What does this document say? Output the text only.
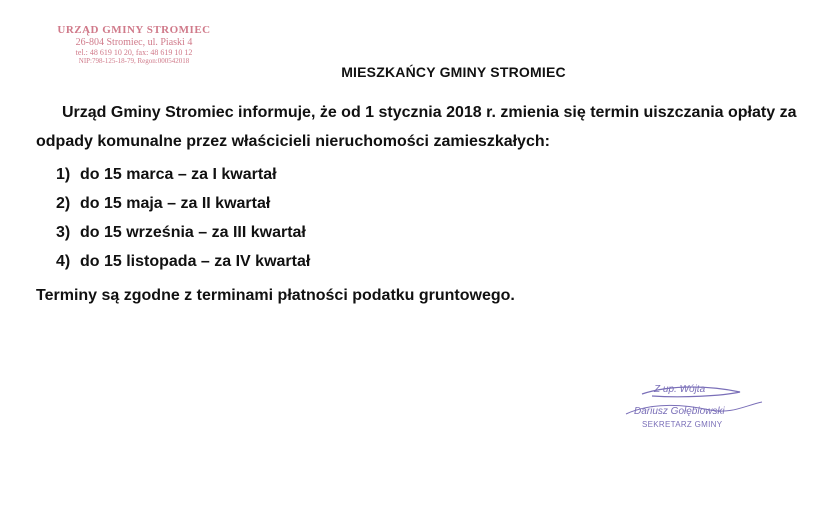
URZĄD GMINY STROMIEC
26-804 Stromiec, ul. Piaski 4
tel.: 48 619 10 20, fax: 48 619 10 12
NIP:798-125-18-79, Regon:000542018
MIESZKAŃCY GMINY STROMIEC
Urząd Gminy Stromiec informuje, że od 1 stycznia 2018 r. zmienia się termin uiszczania opłaty za odpady komunalne przez właścicieli nieruchomości zamieszkałych:
1) do 15 marca – za I kwartał
2) do 15 maja – za II kwartał
3) do 15 września – za III kwartał
4) do 15 listopada – za IV kwartał
Terminy są zgodne z terminami płatności podatku gruntowego.
Z up. Wójta
Dariusz Gołębiowski
SEKRETARZ GMINY
